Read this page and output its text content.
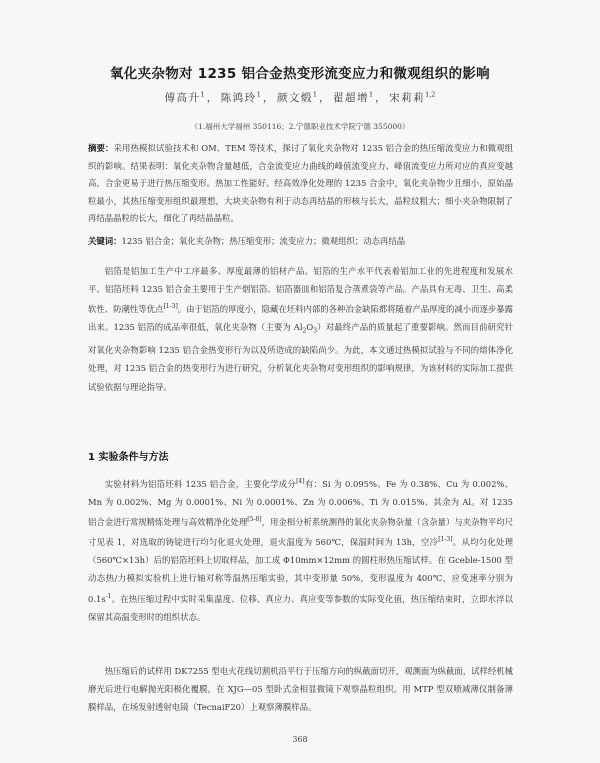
氧化夹杂物对 1235 铝合金热变形流变应力和微观组织的影响
傅高升$^1$ ， 陈鸿玲$^1$ ， 颜文煅$^1$ ， 翟超增$^1$ ， 宋莉莉$^{1,2}$
（1.福州大学福州 350116；2.宁德职业技术学院宁德 355000）
摘要：采用热模拟试验技术和 OM、TEM 等技术，探讨了氧化夹杂物对 1235 铝合金的热压缩流变应力和微观组织的影响。结果表明：氧化夹杂物含量越低，合金流变应力曲线的峰值流变应力、峰值流变应力所对应的真应变越高，合金更易于进行热压缩变形。热加工性能好。经高效净化处理的 1235 合金中，氧化夹杂物少且细小，原始晶粒最小，其热压缩变形组织最理想，大块夹杂物有利于动态再结晶的形核与长大，晶粒纹粗大；细小夹杂物限制了再结晶晶粒的长大，细化了再结晶晶粒。
关键词：1235 铝合金；氧化夹杂物；热压缩变形；流变应力；微观组织；动态再结晶
铝箔是铝加工生产中工序最多、厚度最薄的铝材产品。铝箔的生产水平代表着铝加工业的先进程度和发展水平。铝箔坯料 1235 铝合金主要用于生产烟铝箔、铝箔器皿和铝箔复合蒸煮袋等产品。产品具有无毒、卫生、高柔软性、防潮性等优点[1-3]。由于铝箔的厚度小，隐藏在坯料内部的各种冶金缺陷都将随着产品厚度的减小而逐步暴露出来。1235 铝箔的成品率很低，氧化夹杂物（主要为 $Al_2O_3$）对最终产品的质量起了重要影响。然而目前研究针对氧化夹杂物影响 1235 铝合金热变形行为以及所造成的缺陷尚少。为此，本文通过热模拟试验与不同的熔体净化处理，对 1235 铝合金的热变形行为进行研究，分析氧化夹杂物对变形组织的影响规律，为该材料的实际加工提供试验依据与理论指导。
1 实验条件与方法
实验材料为铝箔坯料 1235 铝合金，主要化学成分[4]有：Si 为 0.095%、Fe 为 0.38%、Cu 为 0.002%、Mn 为 0.002%、Mg 为 0.0001%、Ni 为 0.0001%、Zn 为 0.006%、Ti 为 0.015%、其余为 Al。对 1235 铝合金进行常规精炼处理与高效精净化处理[5-8]，用金相分析系统测得的氧化夹杂物杂量（含杂量）与夹杂物平均尺寸见表 1，对选取的铸锭进行均匀化退火处理，退火温度为 560℃，保温时间为 13h，空冷[1-3]。从均匀化处理（560℃×13h）后的铝箔坯料上切取样品，加工成 Φ10mm×12mm 的圆柱形热压缩试样。在 Gceble-1500 型动态热/力模拟实验机上进行轴对称等温热压缩实验，其中变形量 50%，变形温度为 400℃，应变速率分别为 $0.1s^{-1}$。在热压缩过程中实时采集温度、位移、真应力、真应变等参数的实际变化值，热压缩结束时，立即水淬以保留其高温变形时的组织状态。
热压缩后的试样用 DK7255 型电火花线切割机沿平行于压缩方向的纵截面切开，观测面为纵截面，试样经机械磨光后进行电解抛光阳极化覆膜，在 XJG—05 型卧式金相显微镜下观察晶粒组织。用 MTP 型双喷减薄仪制备薄膜样品，在场发射透射电镜（TecnaiF20）上观察薄膜样品。
368
